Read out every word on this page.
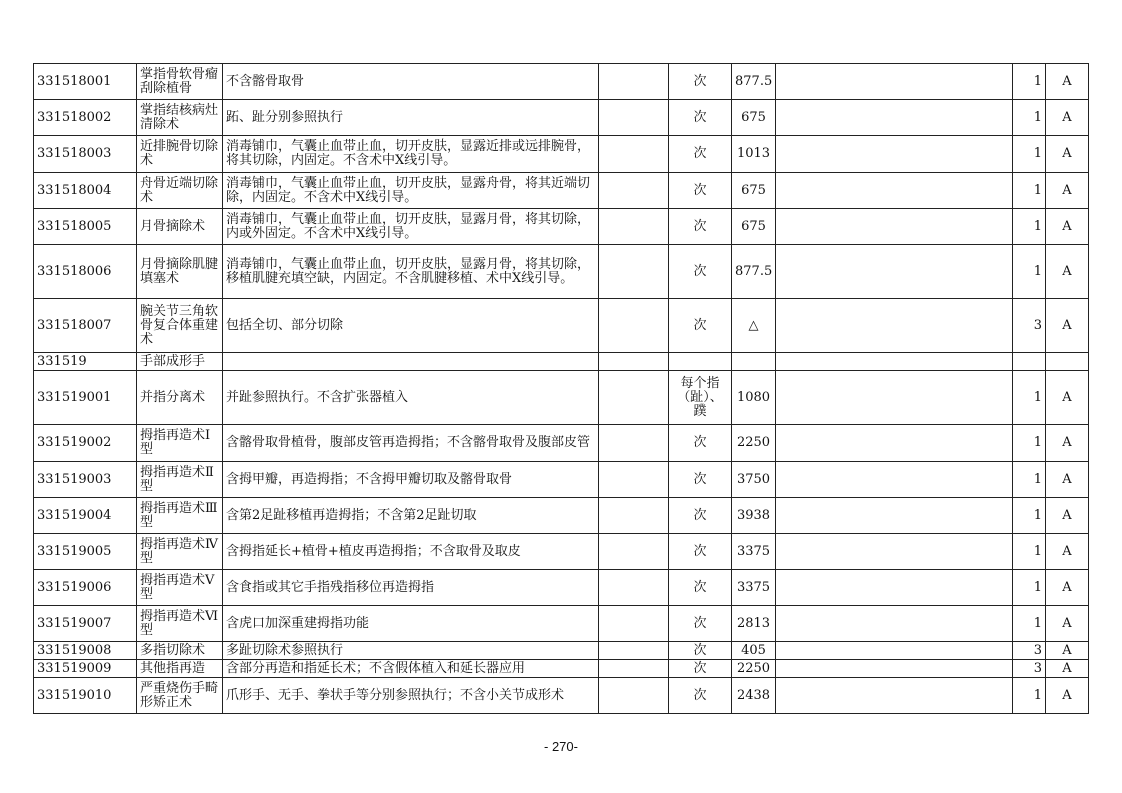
331518001	掌指骨软骨瘤刮除植骨	不含髂骨取骨		次	877.5		1	A
331518002	掌指结核病灶清除术	跖、趾分别参照执行		次	675		1	A
331518003	近排腕骨切除术	消毒铺巾，气囊止血带止血，切开皮肤，显露近排或远排腕骨，将其切除，内固定。不含术中X线引导。		次	1013		1	A
331518004	舟骨近端切除术	消毒铺巾，气囊止血带止血，切开皮肤，显露舟骨，将其近端切除，内固定。不含术中X线引导。		次	675		1	A
331518005	月骨摘除术	消毒铺巾，气囊止血带止血，切开皮肤，显露月骨，将其切除，内或外固定。不含术中X线引导。		次	675		1	A
331518006	月骨摘除肌腱填塞术	消毒铺巾，气囊止血带止血，切开皮肤，显露月骨，将其切除，移植肌腱充填空缺，内固定。不含肌腱移植、术中X线引导。		次	877.5		1	A
331518007	腕关节三角软骨复合体重建术	包括全切、部分切除		次	△		3	A
331519	手部成形手							
331519001	并指分离术	并趾参照执行。不含扩张器植入		每个指（趾）、蹼	1080		1	A
331519002	拇指再造术Ⅰ型	含髂骨取骨植骨，腹部皮管再造拇指；不含髂骨取骨及腹部皮管		次	2250		1	A
331519003	拇指再造术Ⅱ型	含拇甲瓣，再造拇指；不含拇甲瓣切取及髂骨取骨		次	3750		1	A
331519004	拇指再造术Ⅲ型	含第2足趾移植再造拇指；不含第2足趾切取		次	3938		1	A
331519005	拇指再造术Ⅳ型	含拇指延长+植骨+植皮再造拇指；不含取骨及取皮		次	3375		1	A
331519006	拇指再造术Ⅴ型	含食指或其它手指残指移位再造拇指		次	3375		1	A
331519007	拇指再造术Ⅵ型	含虎口加深重建拇指功能		次	2813		1	A
331519008	多指切除术	多趾切除术参照执行		次	405		3	A
331519009	其他指再造	含部分再造和指延长术；不含假体植入和延长器应用		次	2250		3	A
331519010	严重烧伤手畸形矫正术	爪形手、无手、拳状手等分别参照执行；不含小关节成形术		次	2438		1	A
- 270-
